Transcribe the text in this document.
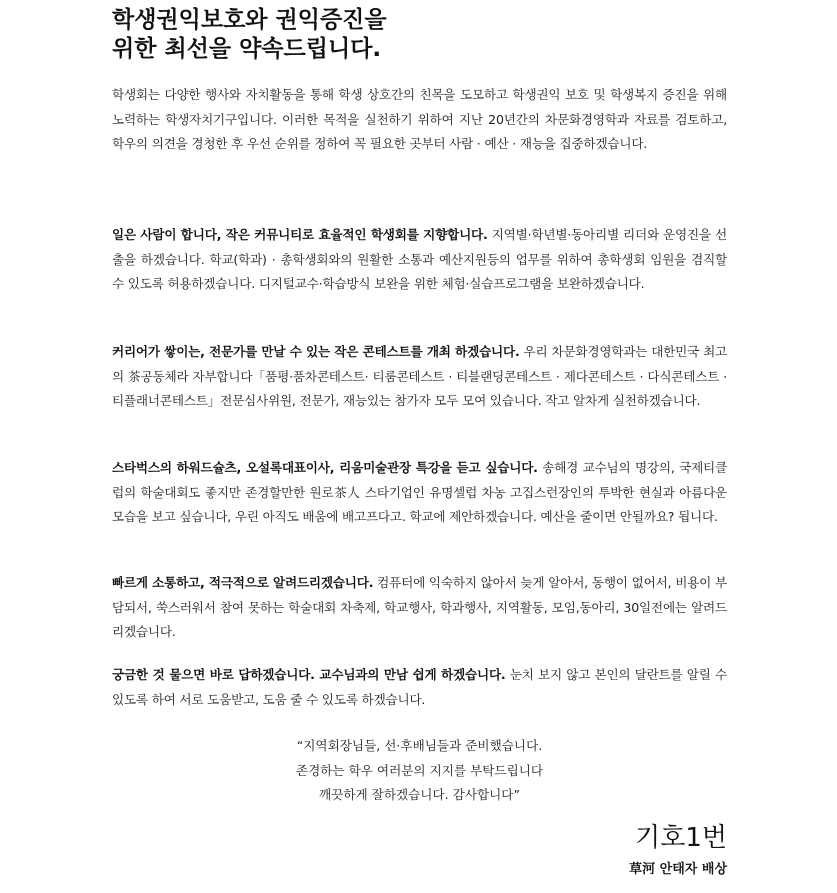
학생권익보호와 권익증진을
위한 최선을 약속드립니다.

학생회는 다양한 행사와 자치활동을 통해 학생 상호간의 친목을 도모하고 학생권익 보호 및 학생복지 증진을 위해 노력하는 학생자치기구입니다. 이러한 목적을 실천하기 위하여 지난 20년간의 차문화경영학과 자료를 검토하고, 학우의 의견을 경청한 후 우선 순위를 정하여 꼭 필요한 곳부터 사람 · 예산 · 재능을 집중하겠습니다.

일은 사람이 합니다, 작은 커뮤니티로 효율적인 학생회를 지향합니다. 지역별·학년별·동아리별 리더와 운영진을 선출을 하겠습니다. 학교(학과) · 총학생회와의 원활한 소통과 예산지원등의 업무를 위하여 총학생회 임원을 겸직할 수 있도록 허용하겠습니다. 디지털교수·학습방식 보완을 위한 체험·실습프로그램을 보완하겠습니다.

커리어가 쌓이는, 전문가를 만날 수 있는 작은 콘테스트를 개최 하겠습니다. 우리 차문화경영학과는 대한민국 최고의 茶공동체라 자부합니다「품평·품차콘테스트· 티룸콘테스트 · 티블랜딩콘테스트 · 제다콘테스트 · 다식콘테스트 · 티플래너콘테스트」전문심사위원, 전문가, 재능있는 참가자 모두 모여 있습니다. 작고 알차게 실천하겠습니다.

스타벅스의 하워드슐츠, 오설록대표이사, 리움미술관장 특강을 듣고 싶습니다. 송해경 교수님의 명강의, 국제티클럽의 학술대회도 좋지만 존경할만한 원로茶人 스타기업인 유명셀럽 차농 고집스런장인의 투박한 현실과 아름다운 모습을 보고 싶습니다, 우린 아직도 배움에 배고프다고. 학교에 제안하겠습니다. 예산을 줄이면 안될까요? 됩니다.

빠르게 소통하고, 적극적으로 알려드리겠습니다. 컴퓨터에 익숙하지 않아서 늦게 알아서, 동행이 없어서, 비용이 부담되서, 쑥스러워서 참여 못하는 학술대회 차축제, 학교행사, 학과행사, 지역활동, 모임,동아리, 30일전에는 알려드리겠습니다.

궁금한 것 물으면 바로 답하겠습니다. 교수님과의 만남 쉽게 하겠습니다. 눈치 보지 않고 본인의 달란트를 알릴 수 있도록 하여 서로 도움받고, 도움 줄 수 있도록 하겠습니다.

“지역회장님들, 선·후배님들과 준비했습니다.
존경하는 학우 여러분의 지지를 부탁드립니다
깨끗하게 잘하겠습니다. 감사합니다”

기호1번
草河 안태자 배상
